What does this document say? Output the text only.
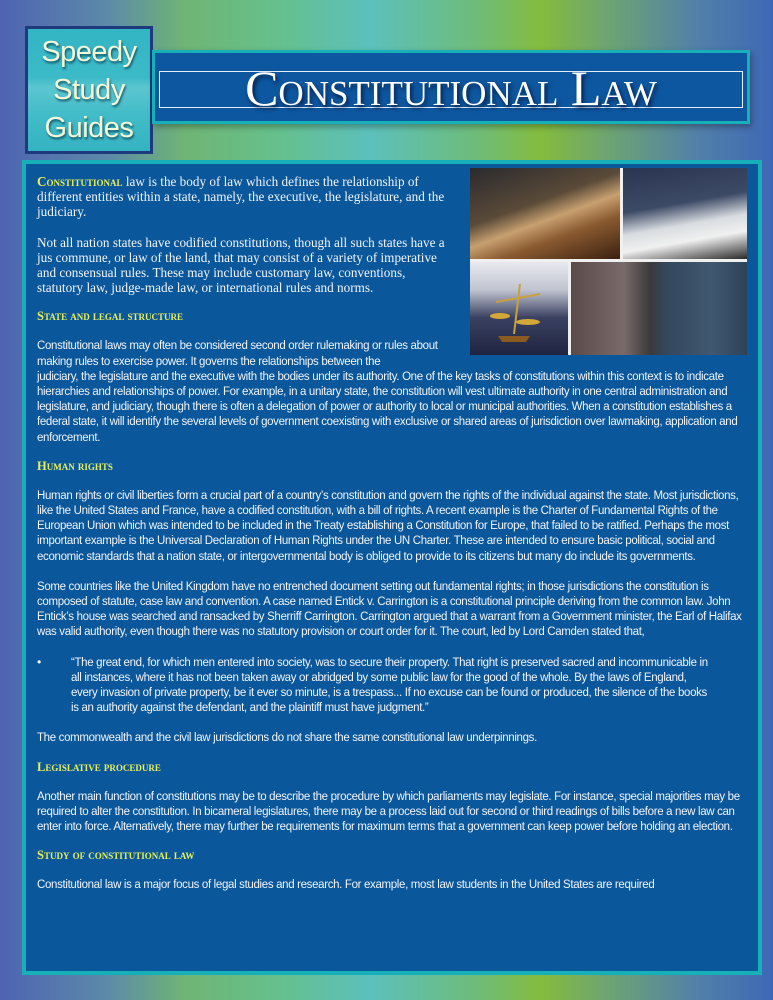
Speedy
Study
Guides
Constitutional Law

Constitutional law is the body of law which defines the relationship of different entities within a state, namely, the executive, the legislature, and the judiciary.

Not all nation states have codified constitutions, though all such states have a jus commune, or law of the land, that may consist of a variety of imperative and consensual rules. These may include customary law, conventions, statutory law, judge-made law, or international rules and norms.

State and legal structure

Constitutional laws may often be considered second order rulemaking or rules about making rules to exercise power. It governs the relationships between the
judiciary, the legislature and the executive with the bodies under its authority. One of the key tasks of constitutions within this context is to indicate hierarchies and relationships of power. For example, in a unitary state, the constitution will vest ultimate authority in one central administration and legislature, and judiciary, though there is often a delegation of power or authority to local or municipal authorities. When a constitution establishes a federal state, it will identify the several levels of government coexisting with exclusive or shared areas of jurisdiction over lawmaking, application and enforcement.

Human rights

Human rights or civil liberties form a crucial part of a country’s constitution and govern the rights of the individual against the state. Most jurisdictions, like the United States and France, have a codified constitution, with a bill of rights. A recent example is the Charter of Fundamental Rights of the European Union which was intended to be included in the Treaty establishing a Constitution for Europe, that failed to be ratified. Perhaps the most important example is the Universal Declaration of Human Rights under the UN Charter. These are intended to ensure basic political, social and economic standards that a nation state, or intergovernmental body is obliged to provide to its citizens but many do include its governments.

Some countries like the United Kingdom have no entrenched document setting out fundamental rights; in those jurisdictions the constitution is composed of statute, case law and convention. A case named Entick v. Carrington is a constitutional principle deriving from the common law. John Entick’s house was searched and ransacked by Sherriff Carrington. Carrington argued that a warrant from a Government minister, the Earl of Halifax was valid authority, even though there was no statutory provision or court order for it. The court, led by Lord Camden stated that,

•	“The great end, for which men entered into society, was to secure their property. That right is preserved sacred and incommunicable in all instances, where it has not been taken away or abridged by some public law for the good of the whole. By the laws of England, every invasion of private property, be it ever so minute, is a trespass... If no excuse can be found or produced, the silence of the books is an authority against the defendant, and the plaintiff must have judgment.”

The commonwealth and the civil law jurisdictions do not share the same constitutional law underpinnings.

Legislative procedure

Another main function of constitutions may be to describe the procedure by which parliaments may legislate. For instance, special majorities may be required to alter the constitution. In bicameral legislatures, there may be a process laid out for second or third readings of bills before a new law can enter into force. Alternatively, there may further be requirements for maximum terms that a government can keep power before holding an election.

Study of constitutional law

Constitutional law is a major focus of legal studies and research. For example, most law students in the United States are required
